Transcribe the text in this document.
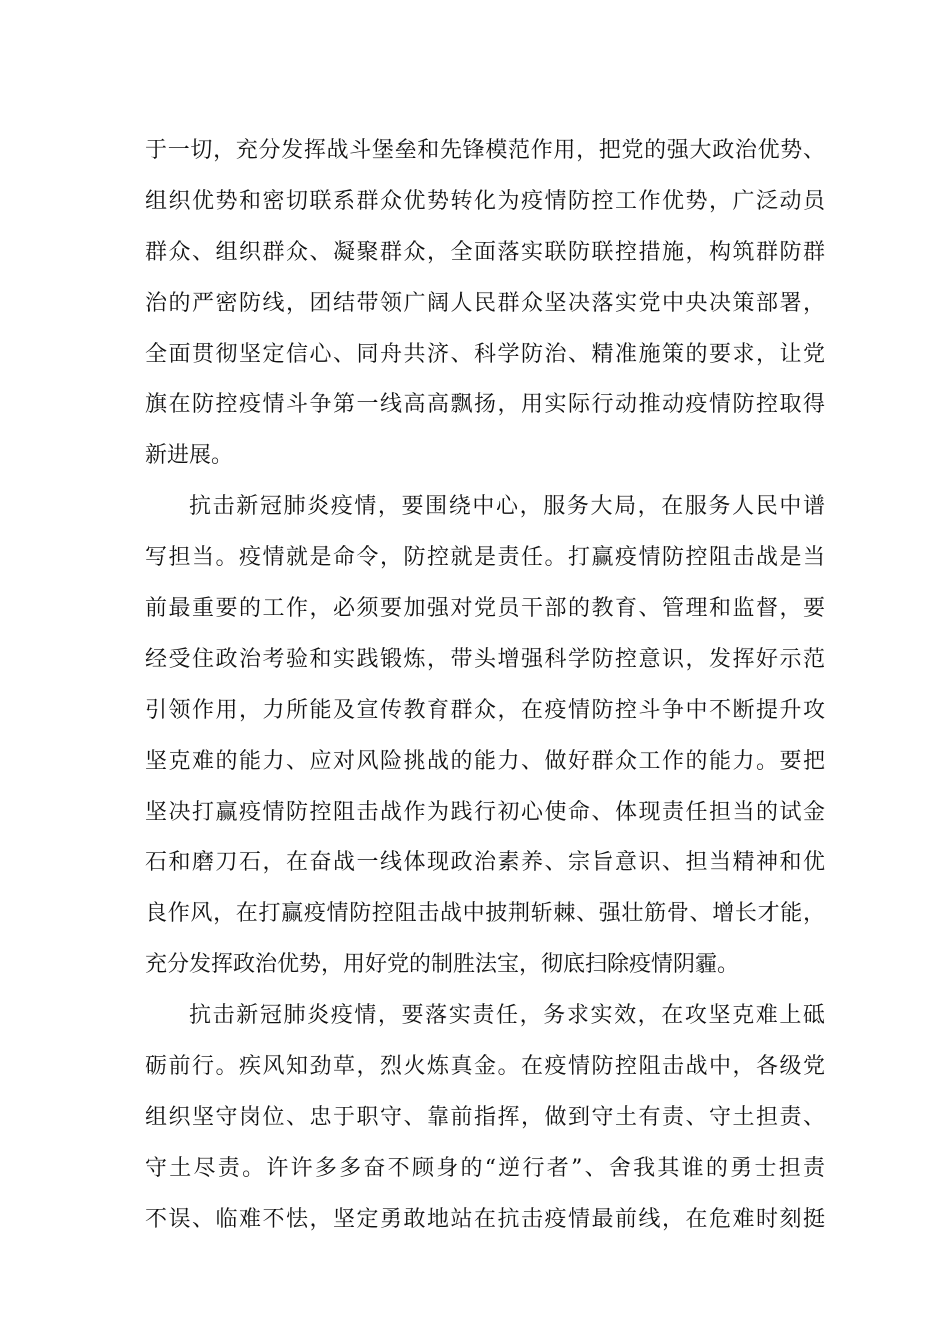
于一切，充分发挥战斗堡垒和先锋模范作用，把党的强大政治优势、
组织优势和密切联系群众优势转化为疫情防控工作优势，广泛动员
群众、组织群众、凝聚群众，全面落实联防联控措施，构筑群防群
治的严密防线，团结带领广阔人民群众坚决落实党中央决策部署，
全面贯彻坚定信心、同舟共济、科学防治、精准施策的要求，让党
旗在防控疫情斗争第一线高高飘扬，用实际行动推动疫情防控取得
新进展。
抗击新冠肺炎疫情，要围绕中心，服务大局，在服务人民中谱
写担当。疫情就是命令，防控就是责任。打赢疫情防控阻击战是当
前最重要的工作，必须要加强对党员干部的教育、管理和监督，要
经受住政治考验和实践锻炼，带头增强科学防控意识，发挥好示范
引领作用，力所能及宣传教育群众，在疫情防控斗争中不断提升攻
坚克难的能力、应对风险挑战的能力、做好群众工作的能力。要把
坚决打赢疫情防控阻击战作为践行初心使命、体现责任担当的试金
石和磨刀石，在奋战一线体现政治素养、宗旨意识、担当精神和优
良作风，在打赢疫情防控阻击战中披荆斩棘、强壮筋骨、增长才能，
充分发挥政治优势，用好党的制胜法宝，彻底扫除疫情阴霾。
抗击新冠肺炎疫情，要落实责任，务求实效，在攻坚克难上砥
砺前行。疾风知劲草，烈火炼真金。在疫情防控阻击战中，各级党
组织坚守岗位、忠于职守、靠前指挥，做到守土有责、守土担责、
守土尽责。许许多多奋不顾身的“逆行者”、舍我其谁的勇士担责
不误、临难不怯，坚定勇敢地站在抗击疫情最前线，在危难时刻挺
